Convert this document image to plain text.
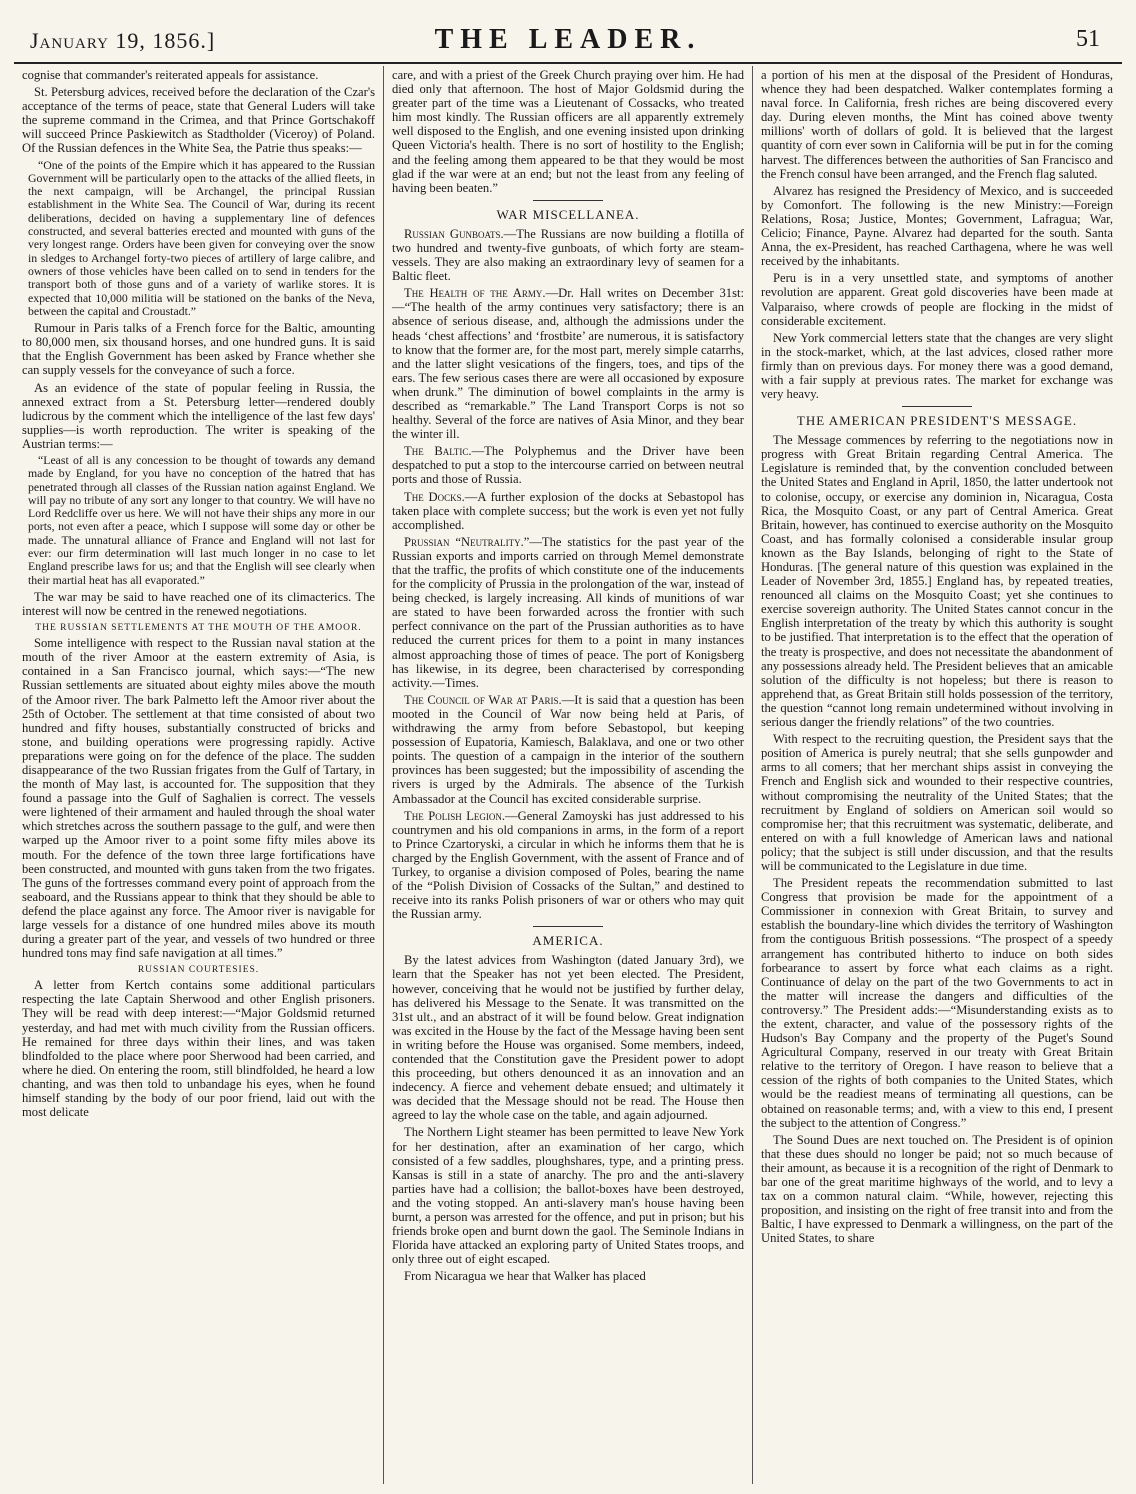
January 19, 1856.]	THE LEADER.	51

cognise that commander's reiterated appeals for assistance.

St. Petersburg advices, received before the declaration of the Czar's acceptance of the terms of peace, state that General Luders will take the supreme command in the Crimea, and that Prince Gortschakoff will succeed Prince Paskiewitch as Stadtholder (Viceroy) of Poland. Of the Russian defences in the White Sea, the Patrie thus speaks:—

“One of the points of the Empire which it has appeared to the Russian Government will be particularly open to the attacks of the allied fleets, in the next campaign, will be Archangel, the principal Russian establishment in the White Sea. The Council of War, during its recent deliberations, decided on having a supplementary line of defences constructed, and several batteries erected and mounted with guns of the very longest range. Orders have been given for conveying over the snow in sledges to Archangel forty-two pieces of artillery of large calibre, and owners of those vehicles have been called on to send in tenders for the transport both of those guns and of a variety of warlike stores. It is expected that 10,000 militia will be stationed on the banks of the Neva, between the capital and Croustadt.”

Rumour in Paris talks of a French force for the Baltic, amounting to 80,000 men, six thousand horses, and one hundred guns. It is said that the English Government has been asked by France whether she can supply vessels for the conveyance of such a force.

As an evidence of the state of popular feeling in Russia, the annexed extract from a St. Petersburg letter—rendered doubly ludicrous by the comment which the intelligence of the last few days' supplies—is worth reproduction. The writer is speaking of the Austrian terms:—

“Least of all is any concession to be thought of towards any demand made by England, for you have no conception of the hatred that has penetrated through all classes of the Russian nation against England. We will pay no tribute of any sort any longer to that country. We will have no Lord Redcliffe over us here. We will not have their ships any more in our ports, not even after a peace, which I suppose will some day or other be made. The unnatural alliance of France and England will not last for ever: our firm determination will last much longer in no case to let England prescribe laws for us; and that the English will see clearly when their martial heat has all evaporated.”

The war may be said to have reached one of its climacterics. The interest will now be centred in the renewed negotiations.

THE RUSSIAN SETTLEMENTS AT THE MOUTH OF THE AMOOR.

Some intelligence with respect to the Russian naval station at the mouth of the river Amoor at the eastern extremity of Asia, is contained in a San Francisco journal, which says:—“The new Russian settlements are situated about eighty miles above the mouth of the Amoor river. The bark Palmetto left the Amoor river about the 25th of October. The settlement at that time consisted of about two hundred and fifty houses, substantially constructed of bricks and stone, and building operations were progressing rapidly. Active preparations were going on for the defence of the place. The sudden disappearance of the two Russian frigates from the Gulf of Tartary, in the month of May last, is accounted for. The supposition that they found a passage into the Gulf of Saghalien is correct. The vessels were lightened of their armament and hauled through the shoal water which stretches across the southern passage to the gulf, and were then warped up the Amoor river to a point some fifty miles above its mouth. For the defence of the town three large fortifications have been constructed, and mounted with guns taken from the two frigates. The guns of the fortresses command every point of approach from the seaboard, and the Russians appear to think that they should be able to defend the place against any force. The Amoor river is navigable for large vessels for a distance of one hundred miles above its mouth during a greater part of the year, and vessels of two hundred or three hundred tons may find safe navigation at all times.”

RUSSIAN COURTESIES.

A letter from Kertch contains some additional particulars respecting the late Captain Sherwood and other English prisoners. They will be read with deep interest:—“Major Goldsmid returned yesterday, and had met with much civility from the Russian officers. He remained for three days within their lines, and was taken blindfolded to the place where poor Sherwood had been carried, and where he died. On entering the room, still blindfolded, he heard a low chanting, and was then told to unbandage his eyes, when he found himself standing by the body of our poor friend, laid out with the most delicate

care, and with a priest of the Greek Church praying over him. He had died only that afternoon. The host of Major Goldsmid during the greater part of the time was a Lieutenant of Cossacks, who treated him most kindly. The Russian officers are all apparently extremely well disposed to the English, and one evening insisted upon drinking Queen Victoria's health. There is no sort of hostility to the English; and the feeling among them appeared to be that they would be most glad if the war were at an end; but not the least from any feeling of having been beaten.”

WAR MISCELLANEA.

Russian Gunboats.—The Russians are now building a flotilla of two hundred and twenty-five gunboats, of which forty are steam-vessels. They are also making an extraordinary levy of seamen for a Baltic fleet.

The Health of the Army.—Dr. Hall writes on December 31st:—“The health of the army continues very satisfactory; there is an absence of serious disease, and, although the admissions under the heads ‘chest affections’ and ‘frostbite’ are numerous, it is satisfactory to know that the former are, for the most part, merely simple catarrhs, and the latter slight vesications of the fingers, toes, and tips of the ears. The few serious cases there are were all occasioned by exposure when drunk.” The diminution of bowel complaints in the army is described as “remarkable.” The Land Transport Corps is not so healthy. Several of the force are natives of Asia Minor, and they bear the winter ill.

The Baltic.—The Polyphemus and the Driver have been despatched to put a stop to the intercourse carried on between neutral ports and those of Russia.

The Docks.—A further explosion of the docks at Sebastopol has taken place with complete success; but the work is even yet not fully accomplished.

Prussian “Neutrality.”—The statistics for the past year of the Russian exports and imports carried on through Memel demonstrate that the traffic, the profits of which constitute one of the inducements for the complicity of Prussia in the prolongation of the war, instead of being checked, is largely increasing. All kinds of munitions of war are stated to have been forwarded across the frontier with such perfect connivance on the part of the Prussian authorities as to have reduced the current prices for them to a point in many instances almost approaching those of times of peace. The port of Konigsberg has likewise, in its degree, been characterised by corresponding activity.—Times.

The Council of War at Paris.—It is said that a question has been mooted in the Council of War now being held at Paris, of withdrawing the army from before Sebastopol, but keeping possession of Eupatoria, Kamiesch, Balaklava, and one or two other points. The question of a campaign in the interior of the southern provinces has been suggested; but the impossibility of ascending the rivers is urged by the Admirals. The absence of the Turkish Ambassador at the Council has excited considerable surprise.

The Polish Legion.—General Zamoyski has just addressed to his countrymen and his old companions in arms, in the form of a report to Prince Czartoryski, a circular in which he informs them that he is charged by the English Government, with the assent of France and of Turkey, to organise a division composed of Poles, bearing the name of the “Polish Division of Cossacks of the Sultan,” and destined to receive into its ranks Polish prisoners of war or others who may quit the Russian army.

AMERICA.

By the latest advices from Washington (dated January 3rd), we learn that the Speaker has not yet been elected. The President, however, conceiving that he would not be justified by further delay, has delivered his Message to the Senate. It was transmitted on the 31st ult., and an abstract of it will be found below. Great indignation was excited in the House by the fact of the Message having been sent in writing before the House was organised. Some members, indeed, contended that the Constitution gave the President power to adopt this proceeding, but others denounced it as an innovation and an indecency. A fierce and vehement debate ensued; and ultimately it was decided that the Message should not be read. The House then agreed to lay the whole case on the table, and again adjourned.

The Northern Light steamer has been permitted to leave New York for her destination, after an examination of her cargo, which consisted of a few saddles, ploughshares, type, and a printing press. Kansas is still in a state of anarchy. The pro and the anti-slavery parties have had a collision; the ballot-boxes have been destroyed, and the voting stopped. An anti-slavery man's house having been burnt, a person was arrested for the offence, and put in prison; but his friends broke open and burnt down the gaol. The Seminole Indians in Florida have attacked an exploring party of United States troops, and only three out of eight escaped.

From Nicaragua we hear that Walker has placed

a portion of his men at the disposal of the President of Honduras, whence they had been despatched. Walker contemplates forming a naval force. In California, fresh riches are being discovered every day. During eleven months, the Mint has coined above twenty millions' worth of dollars of gold. It is believed that the largest quantity of corn ever sown in California will be put in for the coming harvest. The differences between the authorities of San Francisco and the French consul have been arranged, and the French flag saluted.

Alvarez has resigned the Presidency of Mexico, and is succeeded by Comonfort. The following is the new Ministry:—Foreign Relations, Rosa; Justice, Montes; Government, Lafragua; War, Celicio; Finance, Payne. Alvarez had departed for the south. Santa Anna, the ex-President, has reached Carthagena, where he was well received by the inhabitants.

Peru is in a very unsettled state, and symptoms of another revolution are apparent. Great gold discoveries have been made at Valparaiso, where crowds of people are flocking in the midst of considerable excitement.

New York commercial letters state that the changes are very slight in the stock-market, which, at the last advices, closed rather more firmly than on previous days. For money there was a good demand, with a fair supply at previous rates. The market for exchange was very heavy.

THE AMERICAN PRESIDENT'S MESSAGE.

The Message commences by referring to the negotiations now in progress with Great Britain regarding Central America. The Legislature is reminded that, by the convention concluded between the United States and England in April, 1850, the latter undertook not to colonise, occupy, or exercise any dominion in, Nicaragua, Costa Rica, the Mosquito Coast, or any part of Central America. Great Britain, however, has continued to exercise authority on the Mosquito Coast, and has formally colonised a considerable insular group known as the Bay Islands, belonging of right to the State of Honduras. [The general nature of this question was explained in the Leader of November 3rd, 1855.] England has, by repeated treaties, renounced all claims on the Mosquito Coast; yet she continues to exercise sovereign authority. The United States cannot concur in the English interpretation of the treaty by which this authority is sought to be justified. That interpretation is to the effect that the operation of the treaty is prospective, and does not necessitate the abandonment of any possessions already held. The President believes that an amicable solution of the difficulty is not hopeless; but there is reason to apprehend that, as Great Britain still holds possession of the territory, the question “cannot long remain undetermined without involving in serious danger the friendly relations” of the two countries.

With respect to the recruiting question, the President says that the position of America is purely neutral; that she sells gunpowder and arms to all comers; that her merchant ships assist in conveying the French and English sick and wounded to their respective countries, without compromising the neutrality of the United States; that the recruitment by England of soldiers on American soil would so compromise her; that this recruitment was systematic, deliberate, and entered on with a full knowledge of American laws and national policy; that the subject is still under discussion, and that the results will be communicated to the Legislature in due time.

The President repeats the recommendation submitted to last Congress that provision be made for the appointment of a Commissioner in connexion with Great Britain, to survey and establish the boundary-line which divides the territory of Washington from the contiguous British possessions. “The prospect of a speedy arrangement has contributed hitherto to induce on both sides forbearance to assert by force what each claims as a right. Continuance of delay on the part of the two Governments to act in the matter will increase the dangers and difficulties of the controversy.” The President adds:—“Misunderstanding exists as to the extent, character, and value of the possessory rights of the Hudson's Bay Company and the property of the Puget's Sound Agricultural Company, reserved in our treaty with Great Britain relative to the territory of Oregon. I have reason to believe that a cession of the rights of both companies to the United States, which would be the readiest means of terminating all questions, can be obtained on reasonable terms; and, with a view to this end, I present the subject to the attention of Congress.”

The Sound Dues are next touched on. The President is of opinion that these dues should no longer be paid; not so much because of their amount, as because it is a recognition of the right of Denmark to bar one of the great maritime highways of the world, and to levy a tax on a common natural claim. “While, however, rejecting this proposition, and insisting on the right of free transit into and from the Baltic, I have expressed to Denmark a willingness, on the part of the United States, to share
